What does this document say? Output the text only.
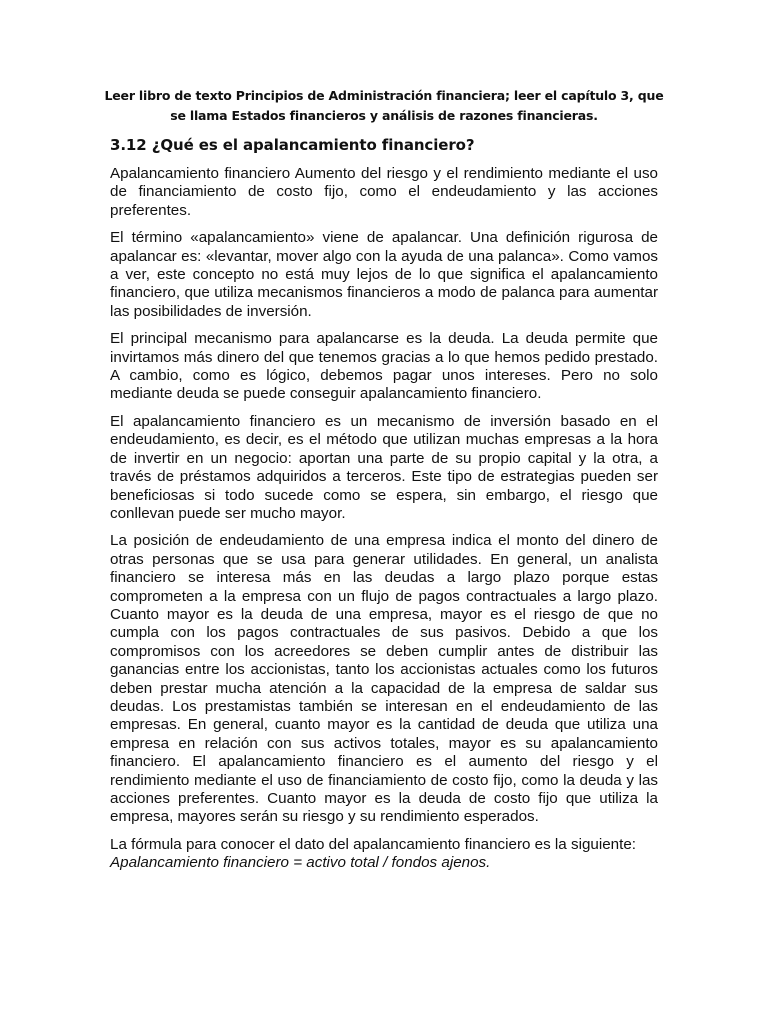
Leer libro de texto Principios de Administración financiera; leer el capítulo 3, que se llama Estados financieros y análisis de razones financieras.
3.12 ¿Qué es el apalancamiento financiero?

Apalancamiento financiero Aumento del riesgo y el rendimiento mediante el uso de financiamiento de costo fijo, como el endeudamiento y las acciones preferentes.

El término «apalancamiento» viene de apalancar. Una definición rigurosa de apalancar es: «levantar, mover algo con la ayuda de una palanca». Como vamos a ver, este concepto no está muy lejos de lo que significa el apalancamiento financiero, que utiliza mecanismos financieros a modo de palanca para aumentar las posibilidades de inversión.

El principal mecanismo para apalancarse es la deuda. La deuda permite que invirtamos más dinero del que tenemos gracias a lo que hemos pedido prestado. A cambio, como es lógico, debemos pagar unos intereses. Pero no solo mediante deuda se puede conseguir apalancamiento financiero.

El apalancamiento financiero es un mecanismo de inversión basado en el endeudamiento, es decir, es el método que utilizan muchas empresas a la hora de invertir en un negocio: aportan una parte de su propio capital y la otra, a través de préstamos adquiridos a terceros. Este tipo de estrategias pueden ser beneficiosas si todo sucede como se espera, sin embargo, el riesgo que conllevan puede ser mucho mayor.

La posición de endeudamiento de una empresa indica el monto del dinero de otras personas que se usa para generar utilidades. En general, un analista financiero se interesa más en las deudas a largo plazo porque estas comprometen a la empresa con un flujo de pagos contractuales a largo plazo. Cuanto mayor es la deuda de una empresa, mayor es el riesgo de que no cumpla con los pagos contractuales de sus pasivos. Debido a que los compromisos con los acreedores se deben cumplir antes de distribuir las ganancias entre los accionistas, tanto los accionistas actuales como los futuros deben prestar mucha atención a la capacidad de la empresa de saldar sus deudas. Los prestamistas también se interesan en el endeudamiento de las empresas. En general, cuanto mayor es la cantidad de deuda que utiliza una empresa en relación con sus activos totales, mayor es su apalancamiento financiero. El apalancamiento financiero es el aumento del riesgo y el rendimiento mediante el uso de financiamiento de costo fijo, como la deuda y las acciones preferentes. Cuanto mayor es la deuda de costo fijo que utiliza la empresa, mayores serán su riesgo y su rendimiento esperados.

La fórmula para conocer el dato del apalancamiento financiero es la siguiente:

Apalancamiento financiero = activo total / fondos ajenos.
